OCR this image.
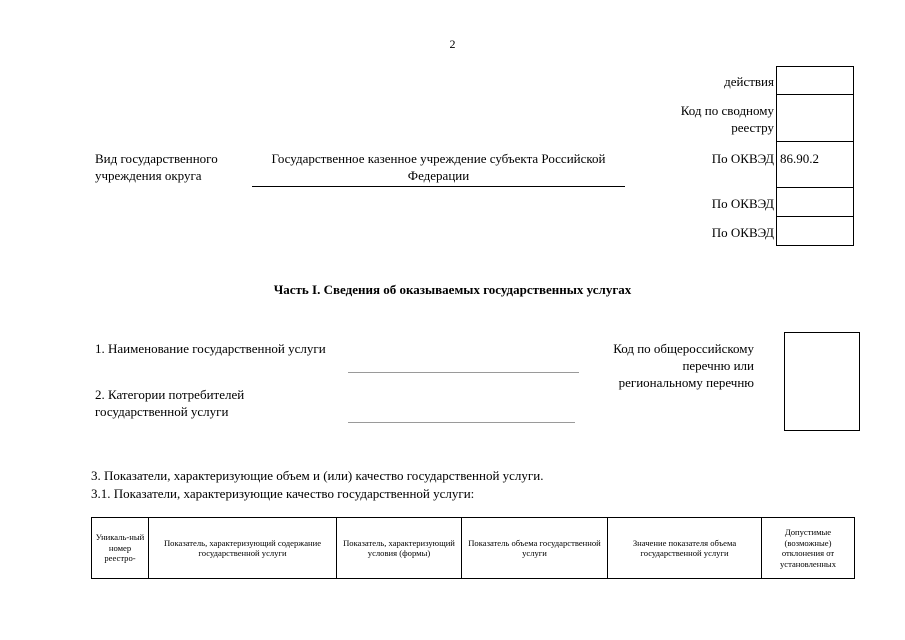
2
действия
Код по сводному реестру
Вид государственного учреждения округа
Государственное казенное учреждение субъекта Российской Федерации
По ОКВЭД 86.90.2
По ОКВЭД
По ОКВЭД
Часть I. Сведения об оказываемых государственных услугах
1. Наименование государственной услуги
2. Категории потребителей государственной услуги
Код по общероссийскому перечню или региональному перечню
3. Показатели, характеризующие объем и (или) качество государственной услуги.
3.1. Показатели, характеризующие качество государственной услуги:
Уникаль-ный номер реестро-	Показатель, характеризующий содержание государственной услуги	Показатель, характеризующий условия (формы)	Показатель объема государственной услуги	Значение показателя объема государственной услуги	Допустимые (возможные) отклонения от установленных
